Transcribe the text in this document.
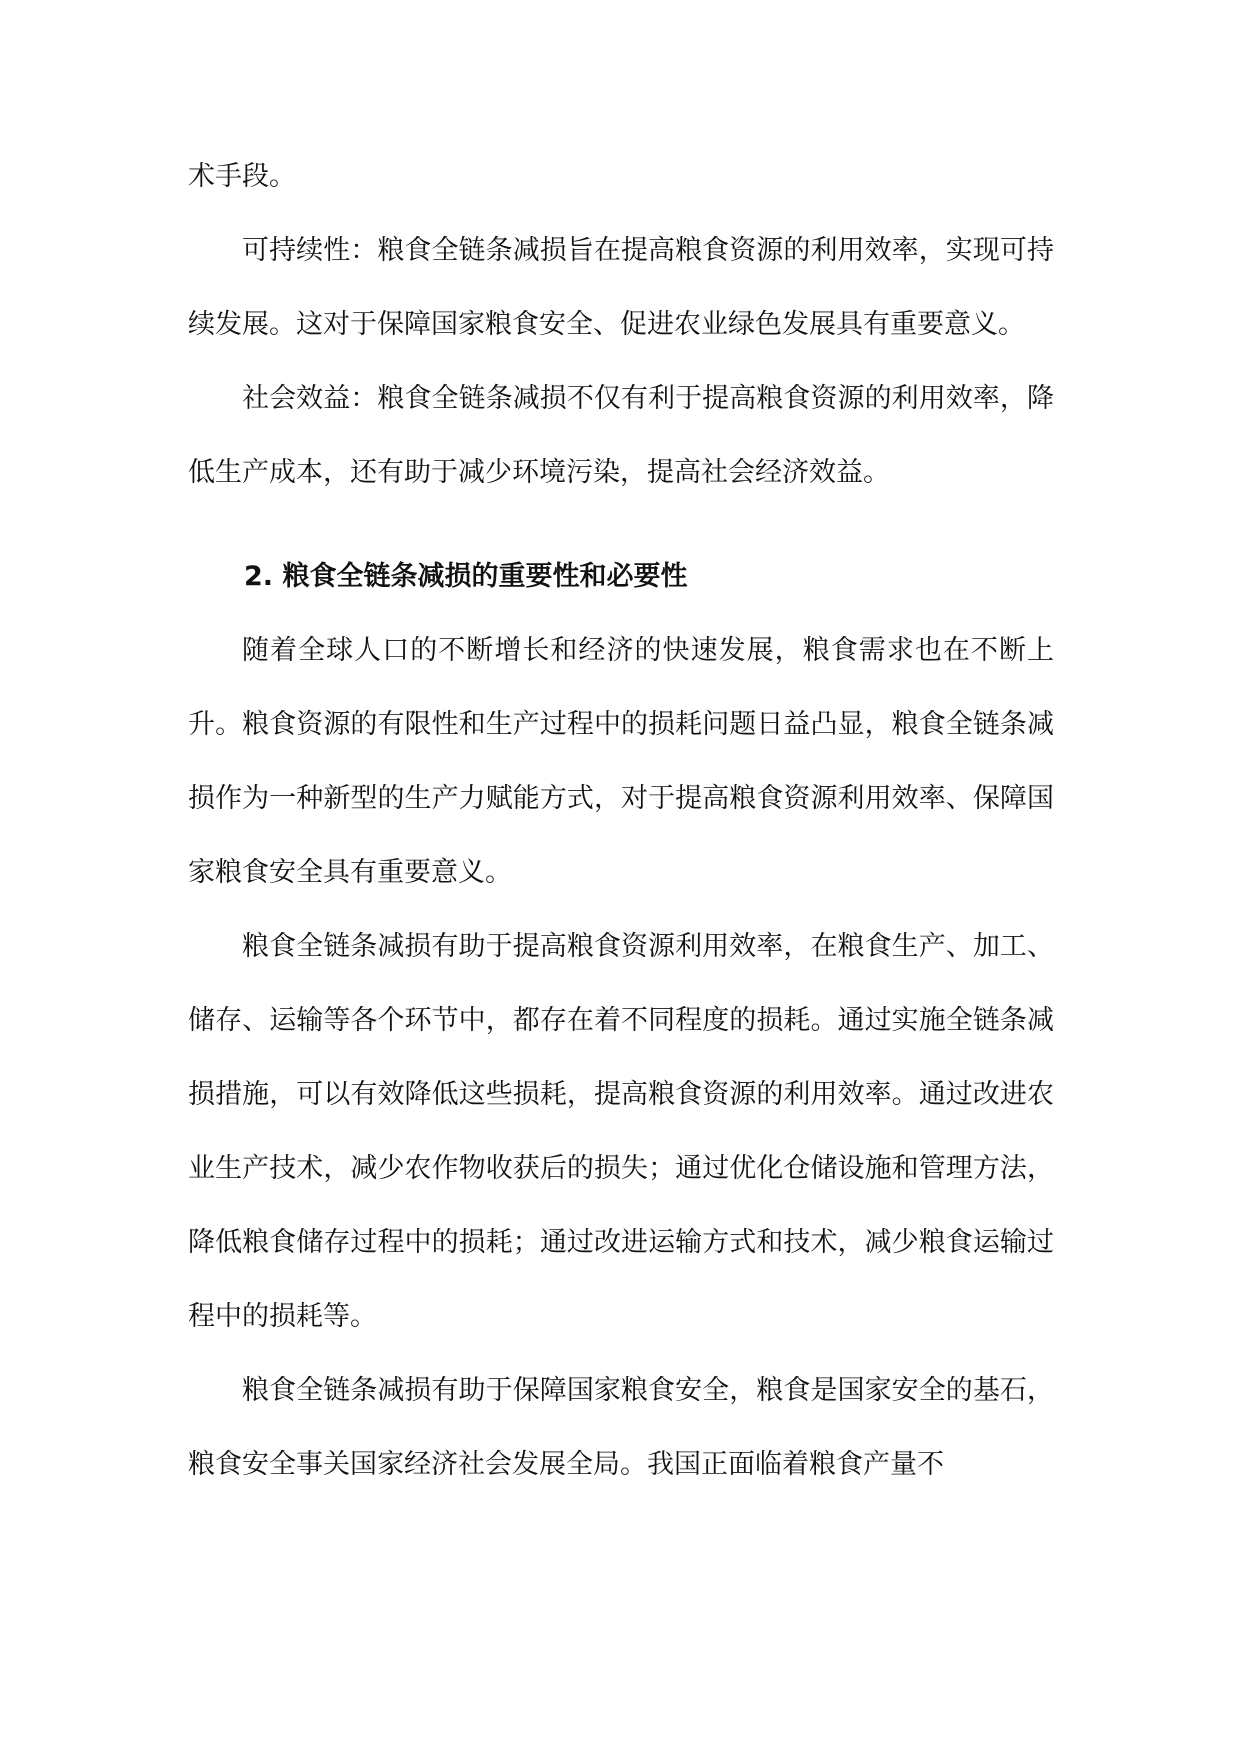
术手段。

可持续性：粮食全链条减损旨在提高粮食资源的利用效率，实现可持续发展。这对于保障国家粮食安全、促进农业绿色发展具有重要意义。

社会效益：粮食全链条减损不仅有利于提高粮食资源的利用效率，降低生产成本，还有助于减少环境污染，提高社会经济效益。

2. 粮食全链条减损的重要性和必要性

随着全球人口的不断增长和经济的快速发展，粮食需求也在不断上升。粮食资源的有限性和生产过程中的损耗问题日益凸显，粮食全链条减损作为一种新型的生产力赋能方式，对于提高粮食资源利用效率、保障国家粮食安全具有重要意义。

粮食全链条减损有助于提高粮食资源利用效率，在粮食生产、加工、储存、运输等各个环节中，都存在着不同程度的损耗。通过实施全链条减损措施，可以有效降低这些损耗，提高粮食资源的利用效率。通过改进农业生产技术，减少农作物收获后的损失；通过优化仓储设施和管理方法，降低粮食储存过程中的损耗；通过改进运输方式和技术，减少粮食运输过程中的损耗等。

粮食全链条减损有助于保障国家粮食安全，粮食是国家安全的基石，粮食安全事关国家经济社会发展全局。我国正面临着粮食产量不
